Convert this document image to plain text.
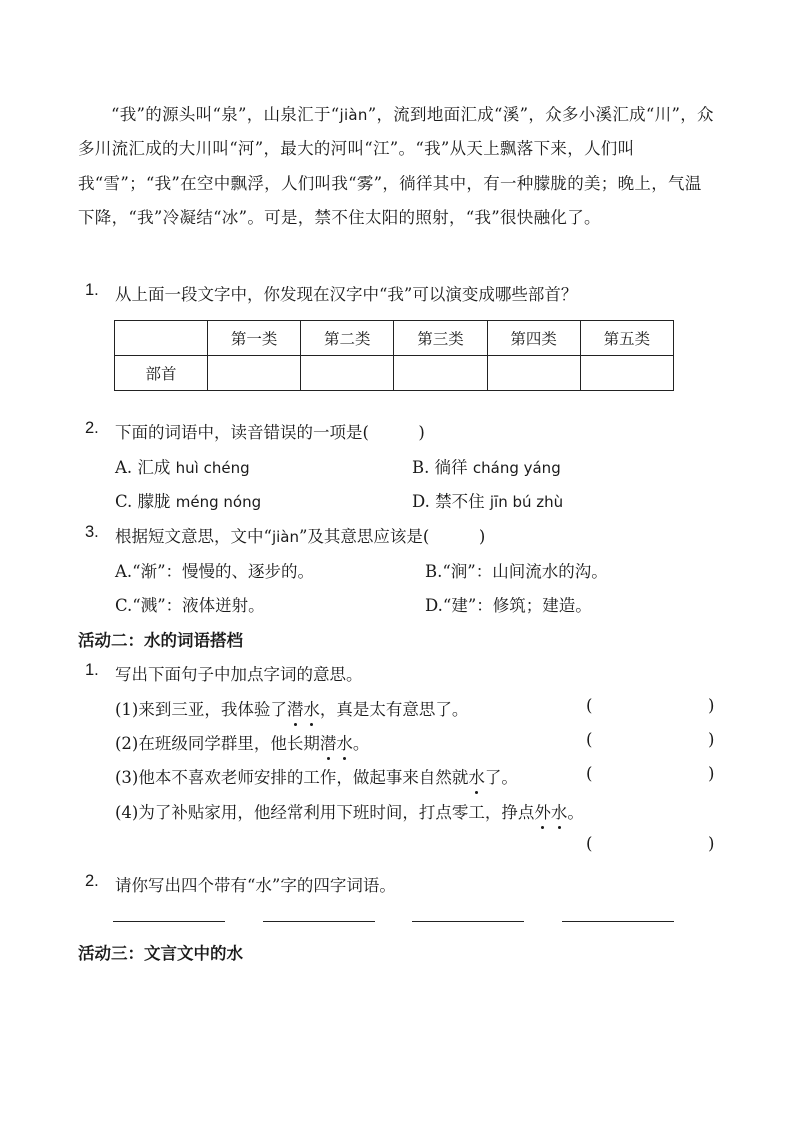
“我”的源头叫“泉”，山泉汇于“jiàn”，流到地面汇成“溪”，众多小溪汇成“川”，众多川流汇成的大川叫“河”，最大的河叫“江”。“我”从天上飘落下来，人们叫我“雪”；“我”在空中飘浮，人们叫我“雾”，徜徉其中，有一种朦胧的美；晚上，气温下降，“我”冷凝结“冰”。可是，禁不住太阳的照射，“我”很快融化了。

1. 从上面一段文字中，你发现在汉字中“我”可以演变成哪些部首？
	第一类	第二类	第三类	第四类	第五类
部首					
2. 下面的词语中，读音错误的一项是(　　　)
A. 汇成 huì chéng	B. 徜徉 cháng yáng
C. 朦胧 méng nóng	D. 禁不住 jīn bú zhù
3. 根据短文意思，文中“jiàn”及其意思应该是(　　　)
A.“渐”：慢慢的、逐步的。	B.“涧”：山间流水的沟。
C.“溅”：液体迸射。	D.“建”：修筑；建造。
活动二：水的词语搭档
1. 写出下面句子中加点字词的意思。
(1)来到三亚，我体验了潜水，真是太有意思了。	(	)
(2)在班级同学群里，他长期潜水。	(	)
(3)他本不喜欢老师安排的工作，做起事来自然就水了。	(	)
(4)为了补贴家用，他经常利用下班时间，打点零工，挣点外水。
(	)
2. 请你写出四个带有“水”字的四字词语。
活动三：文言文中的水
